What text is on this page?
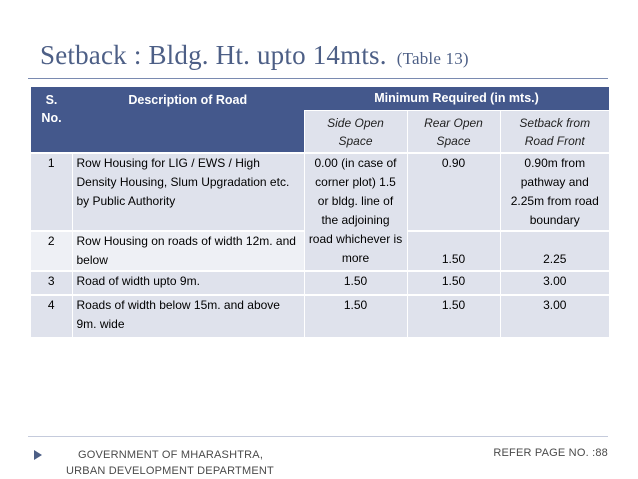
Setback : Bldg. Ht. upto 14mts. (Table 13)
S. No.	Description of Road	Minimum Required (in mts.)		
		Side Open Space	Rear Open Space	Setback from Road Front
1	Row Housing for LIG / EWS / High Density Housing, Slum Upgradation etc. by Public Authority	0.00 (in case of corner plot) 1.5 or bldg. line of the adjoining road whichever is more	0.90	0.90m from pathway and 2.25m from road boundary
2	Row Housing on roads of width 12m. and below		1.50	2.25
3	Road of width upto 9m.	1.50	1.50	3.00
4	Roads of width below 15m. and above 9m. wide	1.50	1.50	3.00
GOVERNMENT OF MHARASHTRA,
URBAN DEVELOPMENT DEPARTMENT
REFER PAGE NO. :88
